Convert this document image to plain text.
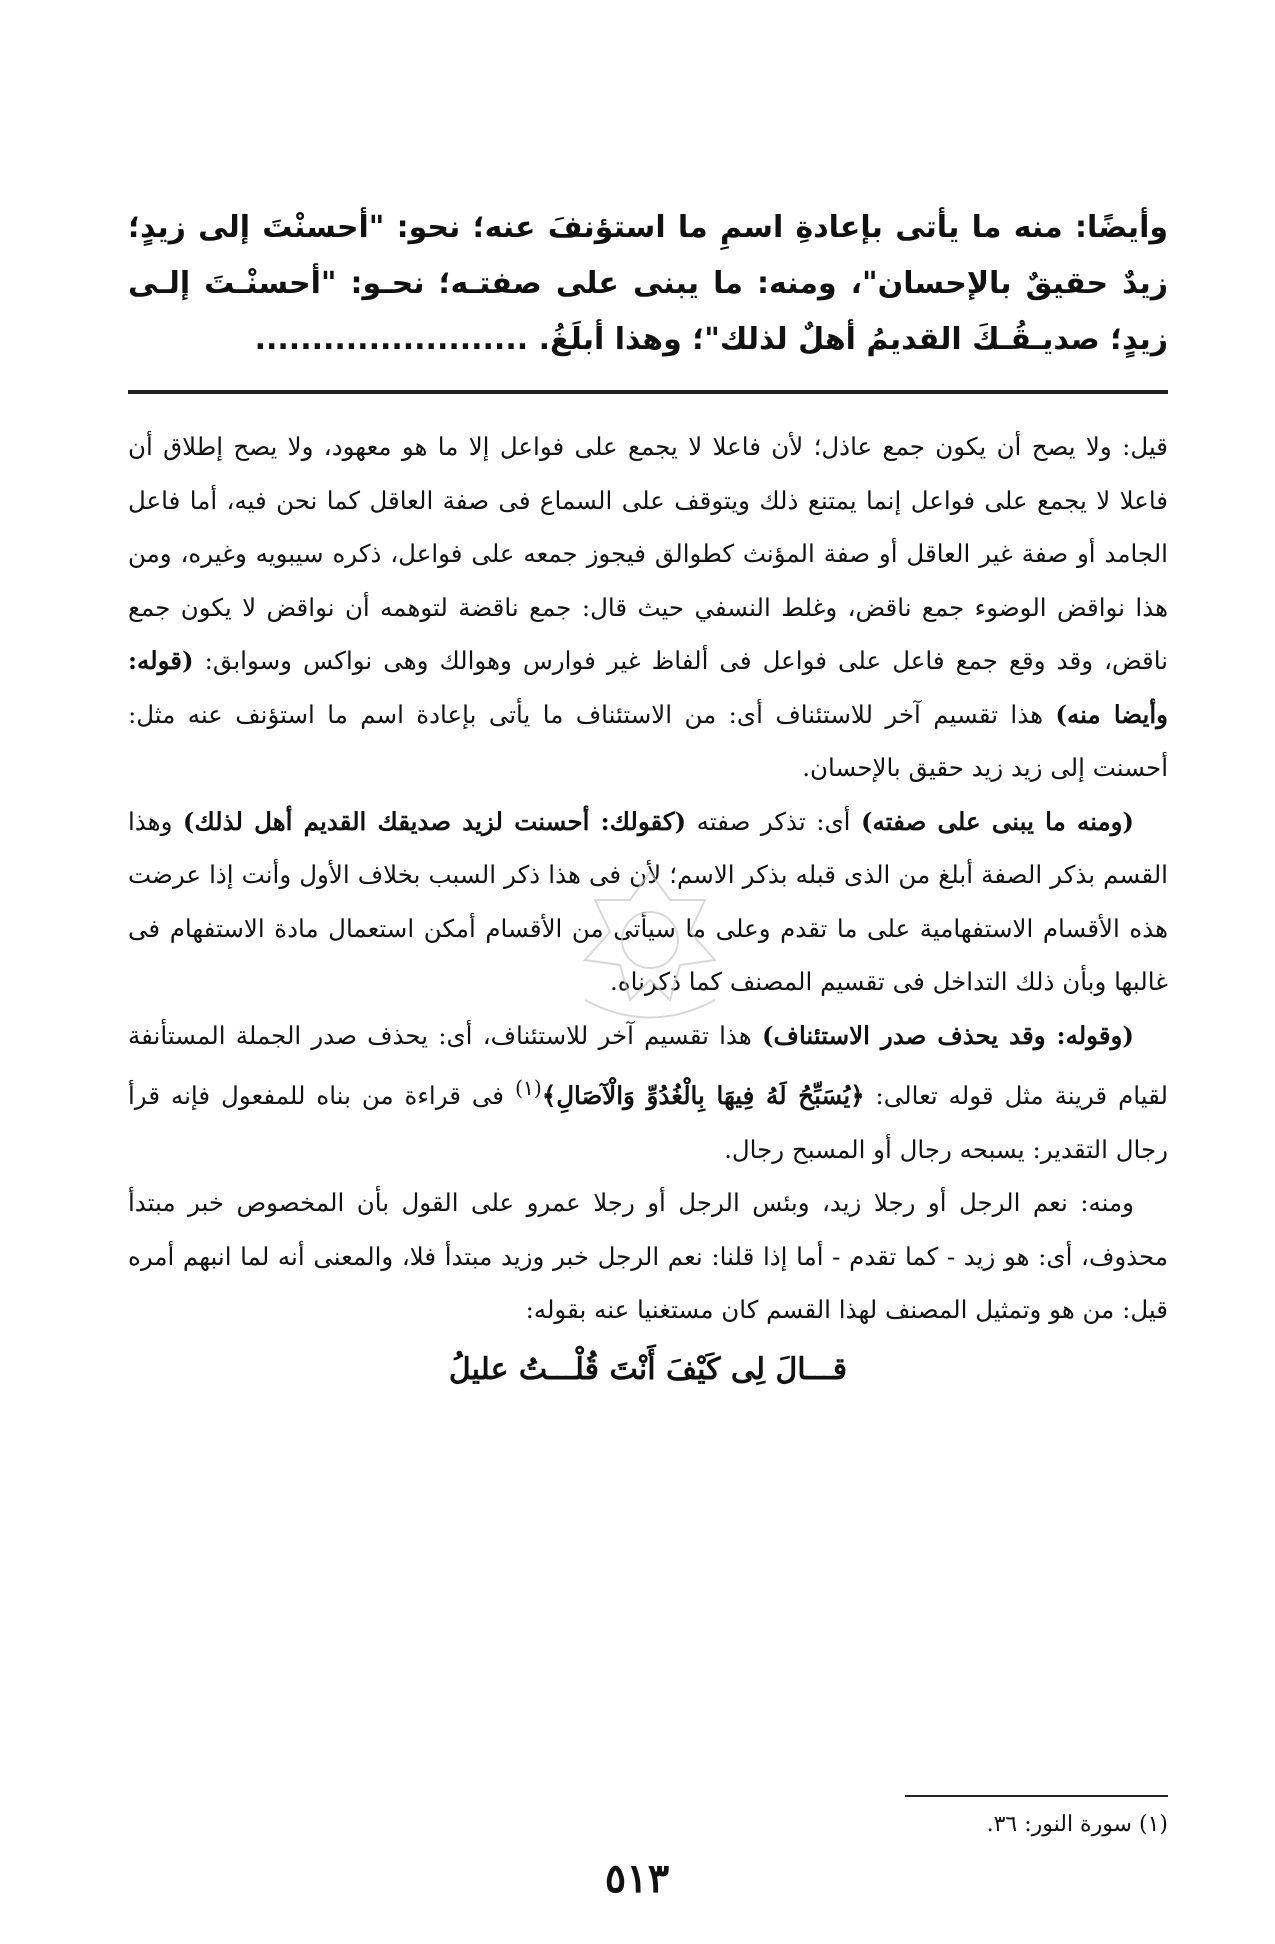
وأيضًا: منه ما يأتى بإعادةِ اسمِ ما استؤنفَ عنه؛ نحو: "أحسنْتَ إلى زيدٍ؛ زيدٌ حقيقٌ بالإحسان"، ومنه: ما يبنى على صفتـه؛ نحـو: "أحسنْـتَ إلـى زيدٍ؛ صديـقُـكَ القديمُ أهلٌ لذلك"؛ وهذا أبلَغُ. ........................

قيل: ولا يصح أن يكون جمع عاذل؛ لأن فاعلا لا يجمع على فواعل إلا ما هو معهود، ولا يصح إطلاق أن فاعلا لا يجمع على فواعل إنما يمتنع ذلك ويتوقف على السماع فى صفة العاقل كما نحن فيه، أما فاعل الجامد أو صفة غير العاقل أو صفة المؤنث كطوالق فيجوز جمعه على فواعل، ذكره سيبويه وغيره، ومن هذا نواقض الوضوء جمع ناقض، وغلط النسفي حيث قال: جمع ناقضة لتوهمه أن نواقض لا يكون جمع ناقض، وقد وقع جمع فاعل على فواعل فى ألفاظ غير فوارس وهوالك وهى نواكس وسوابق: (قوله: وأيضا منه) هذا تقسيم آخر للاستئناف أى: من الاستئناف ما يأتى بإعادة اسم ما استؤنف عنه مثل: أحسنت إلى زيد زيد حقيق بالإحسان.

(ومنه ما يبنى على صفته) أى: تذكر صفته (كقولك: أحسنت لزيد صديقك القديم أهل لذلك) وهذا القسم بذكر الصفة أبلغ من الذى قبله بذكر الاسم؛ لأن فى هذا ذكر السبب بخلاف الأول وأنت إذا عرضت هذه الأقسام الاستفهامية على ما تقدم وعلى ما سيأتى من الأقسام أمكن استعمال مادة الاستفهام فى غالبها وبأن ذلك التداخل فى تقسيم المصنف كما ذكرناه.

(وقوله: وقد يحذف صدر الاستئناف) هذا تقسيم آخر للاستئناف، أى: يحذف صدر الجملة المستأنفة لقيام قرينة مثل قوله تعالى: ﴿يُسَبِّحُ لَهُ فِيهَا بِالْغُدُوِّ وَالْآصَالِ﴾$^{(١)}$ فى قراءة من بناه للمفعول فإنه قرأ رجال التقدير: يسبحه رجال أو المسبح رجال.

ومنه: نعم الرجل أو رجلا زيد، وبئس الرجل أو رجلا عمرو على القول بأن المخصوص خبر مبتدأ محذوف، أى: هو زيد - كما تقدم - أما إذا قلنا: نعم الرجل خبر وزيد مبتدأ فلا، والمعنى أنه لما انبهم أمره قيل: من هو وتمثيل المصنف لهذا القسم كان مستغنيا عنه بقوله:

قـــالَ لِى كَيْفَ أَنْتَ قُلْـــتُ عليلُ

(١) سورة النور: ٣٦.
٥١٣
